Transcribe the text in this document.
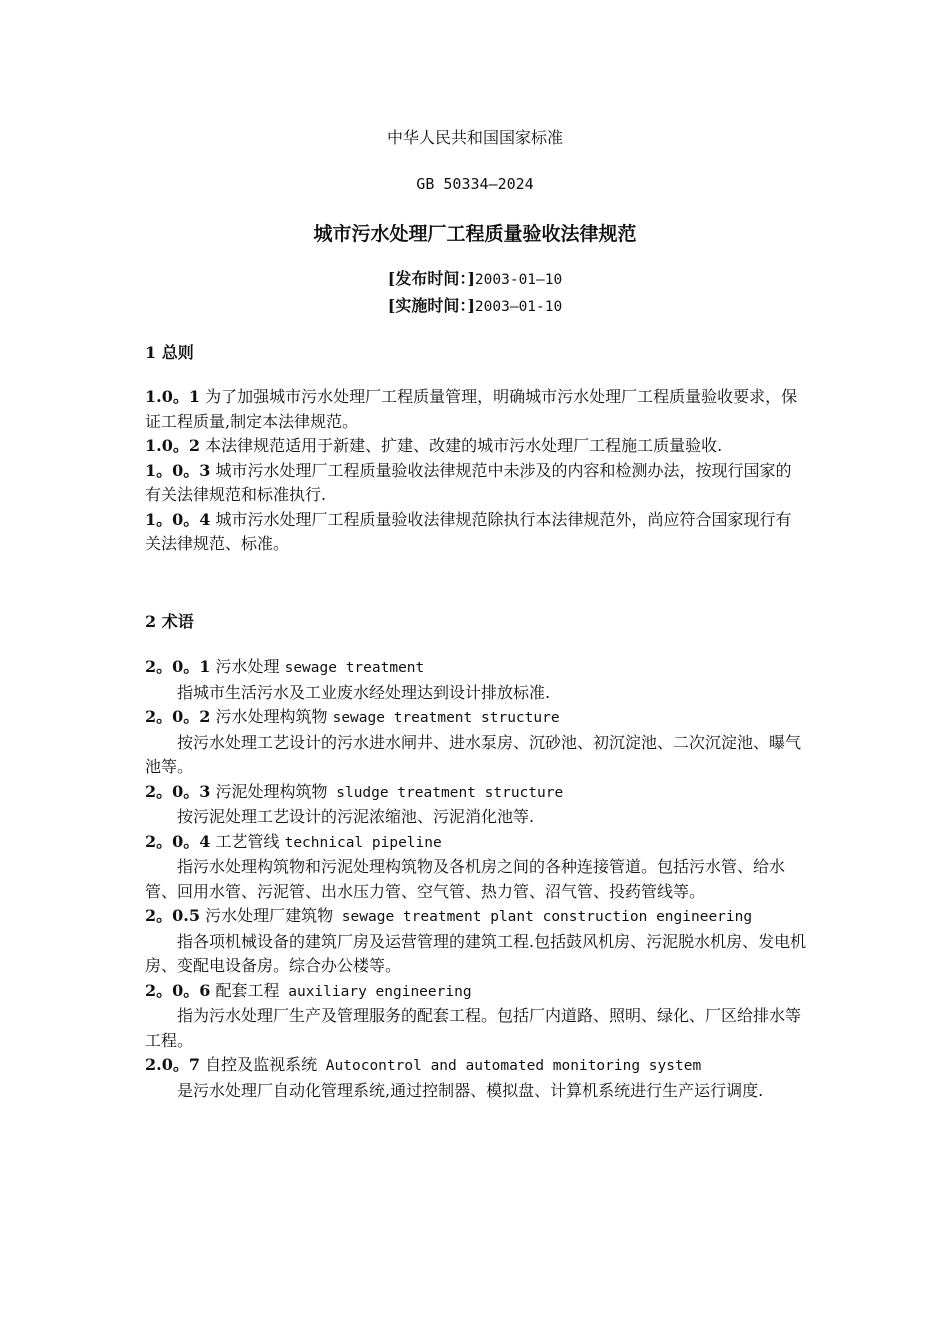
中华人民共和国国家标准
GB 50334—2024
城市污水处理厂工程质量验收法律规范
[发布时间：]2003-01—10
[实施时间：]2003—01-10
1 总则

1.0。1 为了加强城市污水处理厂工程质量管理，明确城市污水处理厂工程质量验收要求，保证工程质量,制定本法律规范。

1.0。2 本法律规范适用于新建、扩建、改建的城市污水处理厂工程施工质量验收.

1。0。3 城市污水处理厂工程质量验收法律规范中未涉及的内容和检测办法，按现行国家的有关法律规范和标准执行.

1。0。4 城市污水处理厂工程质量验收法律规范除执行本法律规范外，尚应符合国家现行有关法律规范、标准。

2 术语

2。0。1 污水处理 sewage treatment

指城市生活污水及工业废水经处理达到设计排放标准.

2。0。2 污水处理构筑物 sewage treatment structure

按污水处理工艺设计的污水进水闸井、进水泵房、沉砂池、初沉淀池、二次沉淀池、曝气池等。

2。0。3 污泥处理构筑物 sludge treatment structure

按污泥处理工艺设计的污泥浓缩池、污泥消化池等.

2。0。4 工艺管线 technical pipeline

指污水处理构筑物和污泥处理构筑物及各机房之间的各种连接管道。包括污水管、给水管、回用水管、污泥管、出水压力管、空气管、热力管、沼气管、投药管线等。

2。0.5 污水处理厂建筑物 sewage treatment plant construction engineering

指各项机械设备的建筑厂房及运营管理的建筑工程.包括鼓风机房、污泥脱水机房、发电机房、变配电设备房。综合办公楼等。

2。0。6 配套工程 auxiliary engineering

指为污水处理厂生产及管理服务的配套工程。包括厂内道路、照明、绿化、厂区给排水等工程。

2.0。7 自控及监视系统 Autocontrol and automated monitoring system

是污水处理厂自动化管理系统,通过控制器、模拟盘、计算机系统进行生产运行调度.
